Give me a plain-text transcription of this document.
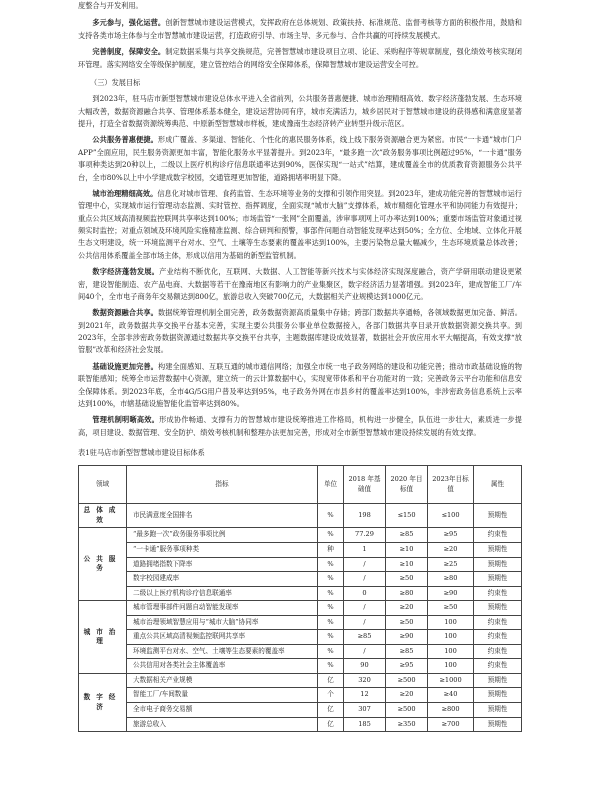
度整合与开发利用。

多元参与，强化运营。创新智慧城市建设运营模式，发挥政府在总体规划、政策扶持、标准规范、监督考核等方面的积极作用，鼓励和支持各类市场主体参与全市智慧城市建设运营，打造政府引导、市场主导、多元参与、合作共赢的可持续发展模式。

完善制度，保障安全。制定数据采集与共享交换规范，完善智慧城市建设项目立项、论证、采购程序等规章制度，强化绩效考核实现闭环管理。落实网络安全等级保护制度，建立管控结合的网络安全保障体系，保障智慧城市建设运营安全可控。

（三）发展目标

到2023年，驻马店市新型智慧城市建设总体水平进入全省前列，公共服务普惠便捷、城市治理精细高效、数字经济蓬勃发展、生态环境大幅改善，数据资源融合共享、管理体系基本健全，建设运营协同有序，城市充满活力，城乡居民对于智慧城市建设的获得感和满意度显著提升，打造全省数据资源统筹典范、中原新型智慧城市样板，建成豫南生态经济转产业转型升级示范区。

公共服务普惠便捷。形成广覆盖、多渠道、智能化、个性化的惠民服务体系，线上线下服务资源融合更为紧密。市民“一卡通”城市门户APP”全面应用，民生服务资源更加丰富，智能化服务水平显著提升。到2023年，“最多跑一次”政务服务事项比例超过95%，“一卡通”服务事项种类达到20种以上，二级以上医疗机构诊疗信息联通率达到90%，医保实现“一站式”结算，建成覆盖全市的优质教育资源服务公共平台，全市80%以上中小学建成数字校园，交通管理更加智能，道路拥堵率明显下降。

城市治理精细高效。信息化对城市管理、食药监管、生态环境等业务的支撑和引领作用突显。到2023年，建成功能完善的智慧城市运行管理中心，实现城市运行管理动态监测、实时管控、指挥调度，全面实现“城市大脑”支撑体系，城市精细化管理水平和协同能力有效提升；重点公共区域高清视频监控联网共享率达到100%；市场监管“一张网”全面覆盖，涉审事项网上可办率达到100%；重要市场监管对象通过视频实时监控；对重点领域及环境风险实施精准监测、综合研判和预警，事部件问题自动智能发现率达到50%；全方位、全地域、立体化开展生态文明建设，统一环境监测平台对水、空气、土壤等生态要素的覆盖率达到100%，主要污染物总量大幅减少，生态环境质量总体改善；公共信用体系覆盖全部市场主体，形成以信用为基础的新型监管机制。

数字经济蓬勃发展。产业结构不断优化，互联网、大数据、人工智能等新兴技术与实体经济实现深度融合，资产学研用联动建设更紧密，建设智能制造、农产品电商、大数据等若干在豫南地区有影响力的产业集聚区，数字经济活力显著增强。到2023年，建成智能工厂/车间40个，全市电子商务年交易额达到800亿，旅游总收入突破700亿元，大数据相关产业规模达到1000亿元。

数据资源融合共享。数据统筹管理机制全面完善，政务数据资源高质量集中存储；跨部门数据共享通畅，各领域数据更加完备、鲜活。到2021年，政务数据共享交换平台基本完善，实现主要公共服务公事业单位数据接入，各部门数据共享目录开放数据资源交换共享。到2023年，全部非涉密政务数据资源通过数据共享交换平台共享，主题数据库建设成效显著，数据社会开放应用水平大幅提高，有效支撑“放管服”改革和经济社会发展。

基础设施更加完善。构建全面感知、互联互通的城市通信网络；加强全市统一电子政务网络的建设和功能完善；推动市政基础设施的物联智能感知；统筹全市运营数据中心资源，建立统一的云计算数据中心，实现宽带体系和平台功能对的一致；完善政务云平台功能和信息安全保障体系。到2023年底，全市4G/5G用户普及率达到95%，电子政务外网在市县乡村的覆盖率达到100%，非涉密政务信息系统上云率达到100%，市辖基础设施智能化监管率达到80%。

管理机制明晰高效。形成协作畅通、支撑有力的智慧城市建设统筹推进工作格局，机构进一步健全，队伍进一步壮大，素质进一步提高，项目建设、数据管理、安全防护、绩效考核机制和整理办法更加完善，形成对全市新型智慧城市建设持续发展的有效支撑。

表1驻马店市新型智慧城市建设目标体系

领域	指标	单位	2018 年基础值	2020 年目标值	2023年目标值	属性
总体成效	市民满意度全国排名	%	198	≤150	≤100	预期性
公共服务	“最多跑一次”政务服务事项比例	%	77.29	≥85	≥95	约束性
	“一卡通”服务事项种类	种	1	≥10	≥20	预期性
	道路拥堵指数下降率	%	/	≥10	≥25	预期性
	数字校园建成率	%	/	≥50	≥80	预期性
	二级以上医疗机构诊疗信息联通率	%	0	≥80	≥90	约束性
城市治理	城市管理事部件问题自动智能发现率	%	/	≥20	≥50	预期性
	城市治理领域智慧应用与“城市大脑”协同率	%	/	≥50	100	约束性
	重点公共区域高清视频监控联网共享率	%	≥85	≥90	100	约束性
	环境监测平台对水、空气、土壤等生态要素的覆盖率	%	/	≥85	100	约束性
	公共信用对各类社会主体覆盖率	%	90	≥95	100	约束性
数字经济	大数据相关产业规模	亿	320	≥500	≥1000	预期性
	智能工厂/车间数量	个	12	≥20	≥40	预期性
	全市电子商务交易额	亿	307	≥500	≥800	预期性
	旅游总收入	亿	185	≥350	≥700	预期性
